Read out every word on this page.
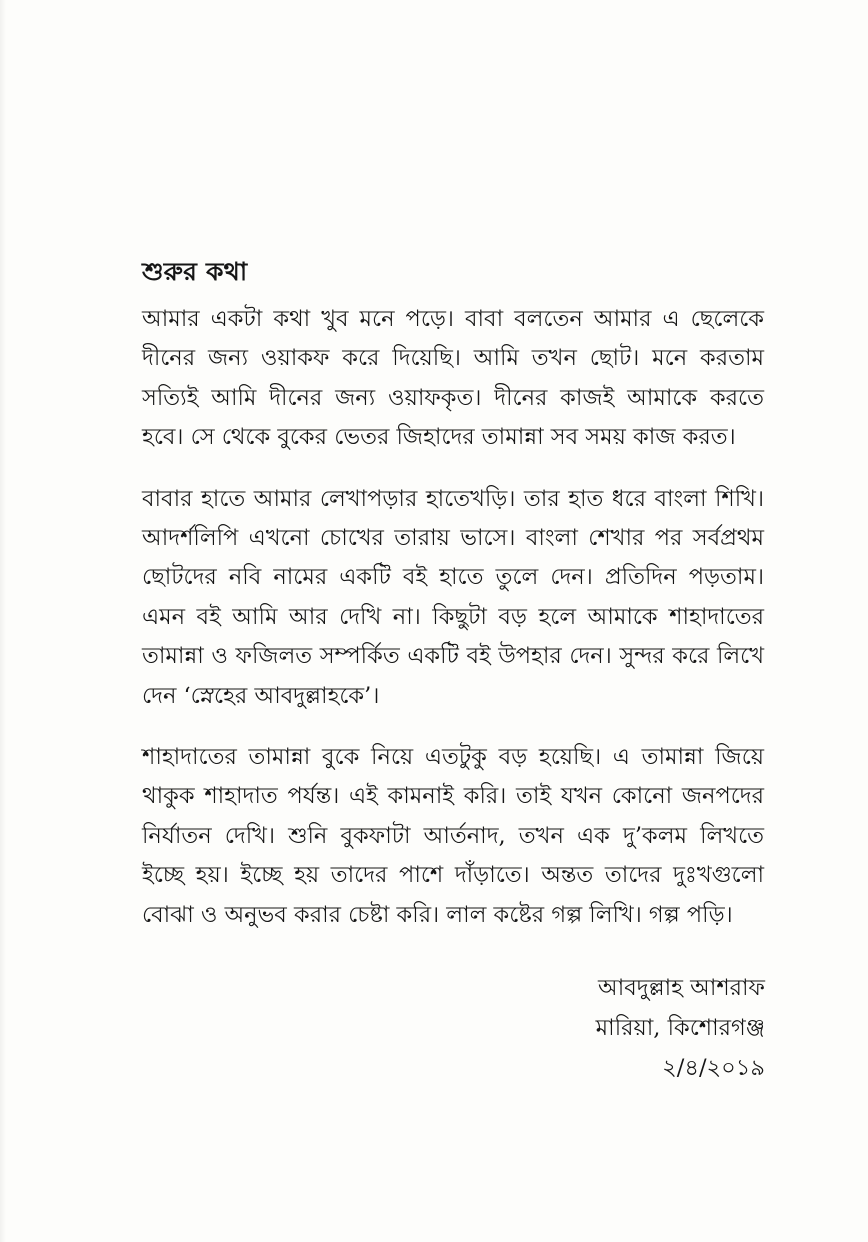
শুরুর কথা

আমার একটা কথা খুব মনে পড়ে। বাবা বলতেন আমার এ ছেলেকে দীনের জন্য ওয়াকফ করে দিয়েছি। আমি তখন ছোট। মনে করতাম সত্যিই আমি দীনের জন্য ওয়াফকৃত। দীনের কাজই আমাকে করতে হবে। সে থেকে বুকের ভেতর জিহাদের তামান্না সব সময় কাজ করত।

বাবার হাতে আমার লেখাপড়ার হাতেখড়ি। তার হাত ধরে বাংলা শিখি। আদর্শলিপি এখনো চোখের তারায় ভাসে। বাংলা শেখার পর সর্বপ্রথম ছোটদের নবি নামের একটি বই হাতে তুলে দেন। প্রতিদিন পড়তাম। এমন বই আমি আর দেখি না। কিছুটা বড় হলে আমাকে শাহাদাতের তামান্না ও ফজিলত সম্পর্কিত একটি বই উপহার দেন। সুন্দর করে লিখে দেন ‘স্নেহের আবদুল্লাহকে’।

শাহাদাতের তামান্না বুকে নিয়ে এতটুকু বড় হয়েছি। এ তামান্না জিয়ে থাকুক শাহাদাত পর্যন্ত। এই কামনাই করি। তাই যখন কোনো জনপদের নির্যাতন দেখি। শুনি বুকফাটা আর্তনাদ, তখন এক দু’কলম লিখতে ইচ্ছে হয়। ইচ্ছে হয় তাদের পাশে দাঁড়াতে। অন্তত তাদের দুঃখগুলো বোঝা ও অনুভব করার চেষ্টা করি। লাল কষ্টের গল্প লিখি। গল্প পড়ি।

আবদুল্লাহ আশরাফ
মারিয়া, কিশোরগঞ্জ
২/৪/২০১৯
